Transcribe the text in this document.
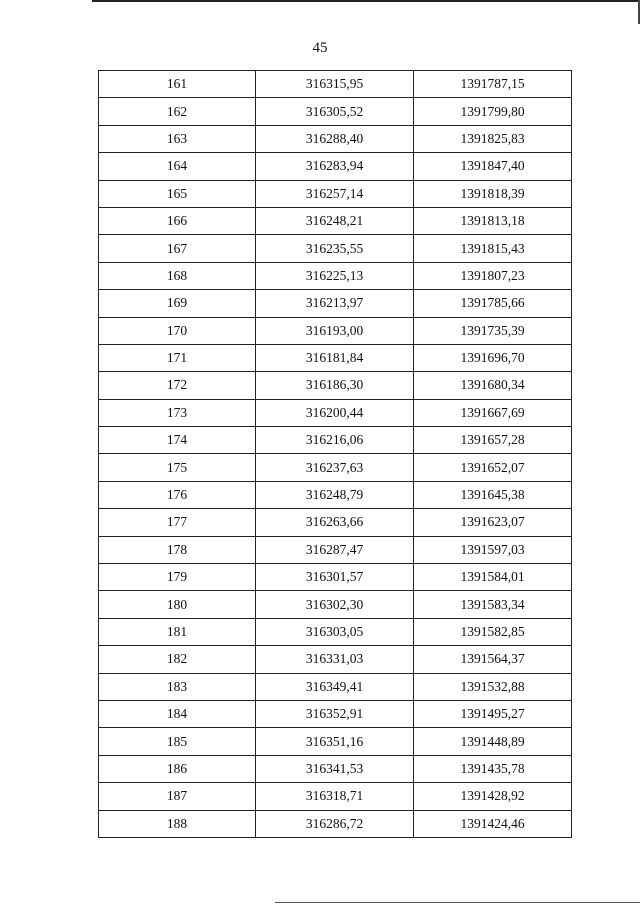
45
161	316315,95	1391787,15
162	316305,52	1391799,80
163	316288,40	1391825,83
164	316283,94	1391847,40
165	316257,14	1391818,39
166	316248,21	1391813,18
167	316235,55	1391815,43
168	316225,13	1391807,23
169	316213,97	1391785,66
170	316193,00	1391735,39
171	316181,84	1391696,70
172	316186,30	1391680,34
173	316200,44	1391667,69
174	316216,06	1391657,28
175	316237,63	1391652,07
176	316248,79	1391645,38
177	316263,66	1391623,07
178	316287,47	1391597,03
179	316301,57	1391584,01
180	316302,30	1391583,34
181	316303,05	1391582,85
182	316331,03	1391564,37
183	316349,41	1391532,88
184	316352,91	1391495,27
185	316351,16	1391448,89
186	316341,53	1391435,78
187	316318,71	1391428,92
188	316286,72	1391424,46
